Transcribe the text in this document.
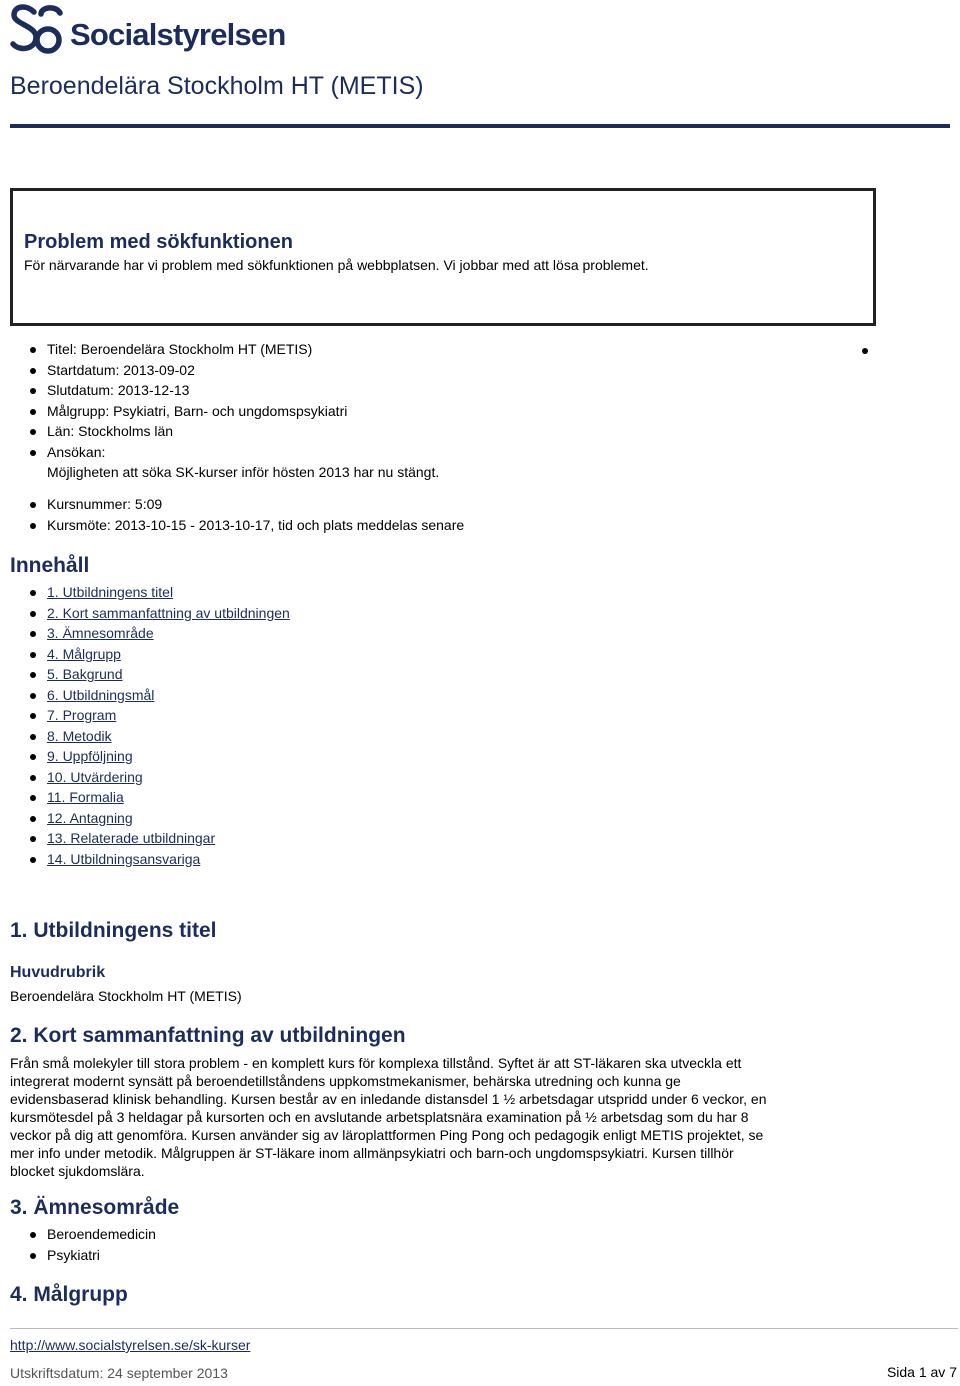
Socialstyrelsen
Beroendelära Stockholm HT (METIS)
Problem med sökfunktionen

För närvarande har vi problem med sökfunktionen på webbplatsen. Vi jobbar med att lösa problemet.

Titel: Beroendelära Stockholm HT (METIS)
Startdatum: 2013-09-02
Slutdatum: 2013-12-13
Målgrupp: Psykiatri, Barn- och ungdomspsykiatri
Län: Stockholms län
Ansökan:
Möjligheten att söka SK-kurser inför hösten 2013 har nu stängt.
Kursnummer: 5:09
Kursmöte: 2013-10-15 - 2013-10-17, tid och plats meddelas senare
Innehåll
1. Utbildningens titel
2. Kort sammanfattning av utbildningen
3. Ämnesområde
4. Målgrupp
5. Bakgrund
6. Utbildningsmål
7. Program
8. Metodik
9. Uppföljning
10. Utvärdering
11. Formalia
12. Antagning
13. Relaterade utbildningar
14. Utbildningsansvariga
1. Utbildningens titel
Huvudrubrik

Beroendelära Stockholm HT (METIS)

2. Kort sammanfattning av utbildningen

Från små molekyler till stora problem - en komplett kurs för komplexa tillstånd. Syftet är att ST-läkaren ska utveckla ett integrerat modernt synsätt på beroendetillståndens uppkomstmekanismer, behärska utredning och kunna ge evidensbaserad klinisk behandling. Kursen består av en inledande distansdel 1 ½ arbetsdagar utspridd under 6 veckor, en kursmötesdel på 3 heldagar på kursorten och en avslutande arbetsplatsnära examination på ½ arbetsdag som du har 8 veckor på dig att genomföra. Kursen använder sig av läroplattformen Ping Pong och pedagogik enligt METIS projektet, se mer info under metodik. Målgruppen är ST-läkare inom allmänpsykiatri och barn-och ungdomspsykiatri. Kursen tillhör blocket sjukdomslära.

3. Ämnesområde
Beroendemedicin
Psykiatri
4. Målgrupp
http://www.socialstyrelsen.se/sk-kurser
Utskriftsdatum: 24 september 2013	Sida 1 av 7
